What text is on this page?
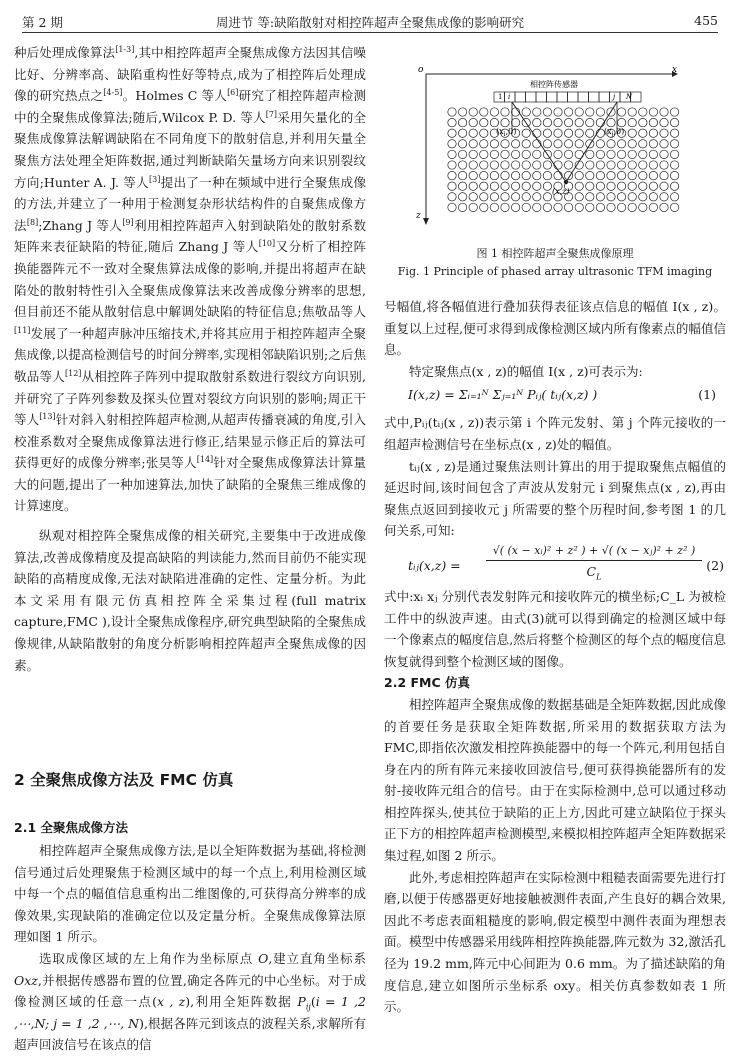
第 2 期	周进节 等:缺陷散射对相控阵超声全聚焦成像的影响研究	455

种后处理成像算法[1-3],其中相控阵超声全聚焦成像方法因其信噪比好、分辨率高、缺陷重构性好等特点,成为了相控阵后处理成像的研究热点之[4-5]。Holmes C 等人[6]研究了相控阵超声检测中的全聚焦成像算法;随后,Wilcox P. D. 等人[7]采用矢量化的全聚焦成像算法解调缺陷在不同角度下的散射信息,并利用矢量全聚焦方法处理全矩阵数据,通过判断缺陷矢量场方向来识别裂纹方向;Hunter A. J. 等人[3]提出了一种在频域中进行全聚焦成像的方法,并建立了一种用于检测复杂形状结构件的自聚焦成像方法[8];Zhang J 等人[9]利用相控阵超声入射到缺陷处的散射系数矩阵来表征缺陷的特征,随后 Zhang J 等人[10]又分析了相控阵换能器阵元不一致对全聚焦算法成像的影响,并提出将超声在缺陷处的散射特性引入全聚焦成像算法来改善成像分辨率的思想,但目前还不能从散射信息中解调处缺陷的特征信息;焦敬品等人[11]发展了一种超声脉冲压缩技术,并将其应用于相控阵超声全聚焦成像,以提高检测信号的时间分辨率,实现相邻缺陷识别;之后焦敬品等人[12]从相控阵子阵列中提取散射系数进行裂纹方向识别,并研究了子阵列参数及探头位置对裂纹方向识别的影响;周正干等人[13]针对斜入射相控阵超声检测,从超声传播衰减的角度,引入校准系数对全聚焦成像算法进行修正,结果显示修正后的算法可获得更好的成像分辨率;张昊等人[14]针对全聚焦成像算法计算量大的问题,提出了一种加速算法,加快了缺陷的全聚焦三维成像的计算速度。

纵观对相控阵全聚焦成像的相关研究,主要集中于改进成像算法,改善成像精度及提高缺陷的判读能力,然而目前仍不能实现缺陷的高精度成像,无法对缺陷进准确的定性、定量分析。为此本文采用有限元仿真相控阵全采集过程(full matrix capture,FMC ),设计全聚焦成像程序,研究典型缺陷的全聚焦成像规律,从缺陷散射的角度分析影响相控阵超声全聚焦成像的因素。

2 全聚焦成像方法及 FMC 仿真
2.1 全聚焦成像方法

相控阵超声全聚焦成像方法,是以全矩阵数据为基础,将检测信号通过后处理聚焦于检测区域中的每一个点上,利用检测区域中每一个点的幅值信息重构出二维图像的,可获得高分辨率的成像效果,实现缺陷的准确定位以及定量分析。全聚焦成像算法原理如图 1 所示。

选取成像区域的左上角作为坐标原点 O,建立直角坐标系 Oxz,并根据传感器布置的位置,确定各阵元的中心坐标。对于成像检测区域的任意一点(x , z),利用全矩阵数据 $P_{ij}(i = 1$ ,2 ,⋯,N; j = 1 ,2 ,⋯, N),根据各阵元到该点的波程关系,求解所有超声回波信号在该点的信

o	x
z
相控阵传感器
1 i	j N
$(x_i,0)$	$(x_j,0)$
(x,z)
图 1 相控阵超声全聚焦成像原理
Fig. 1 Principle of phased array ultrasonic TFM imaging

号幅值,将各幅值进行叠加获得表征该点信息的幅值 I(x , z)。重复以上过程,便可求得到成像检测区域内所有像素点的幅值信息。

特定聚焦点(x , z)的幅值 I(x , z)可表示为:

I(x,z) = Σᵢ₌₁ᴺ Σⱼ₌₁ᴺ Pᵢⱼ( tᵢⱼ(x,z) )	(1)

式中,Pᵢⱼ(tᵢⱼ(x , z))表示第 i 个阵元发射、第 j 个阵元接收的一组超声检测信号在坐标点(x , z)处的幅值。

tᵢⱼ(x , z)是通过聚焦法则计算出的用于提取聚焦点幅值的延迟时间,该时间包含了声波从发射元 i 到聚焦点(x , z),再由聚焦点返回到接收元 j 所需要的整个历程时间,参考图 1 的几何关系,可知:

tᵢⱼ(x,z) =
√( (x − xᵢ)² + z² ) + √( (x − xⱼ)² + z² )
$C_L$
(2)

式中:xᵢ xⱼ 分别代表发射阵元和接收阵元的横坐标;C_L 为被检工件中的纵波声速。由式(3)就可以得到确定的检测区域中每一个像素点的幅度信息,然后将整个检测区的每个点的幅度信息恢复就得到整个检测区域的图像。

2.2 FMC 仿真

相控阵超声全聚焦成像的数据基础是全矩阵数据,因此成像的首要任务是获取全矩阵数据,所采用的数据获取方法为 FMC,即指依次激发相控阵换能器中的每一个阵元,利用包括自身在内的所有阵元来接收回波信号,便可获得换能器所有的发射-接收阵元组合的信号。由于在实际检测中,总可以通过移动相控阵探头,使其位于缺陷的正上方,因此可建立缺陷位于探头正下方的相控阵超声检测模型,来模拟相控阵超声全矩阵数据采集过程,如图 2 所示。

此外,考虑相控阵超声在实际检测中粗糙表面需要先进行打磨,以便于传感器更好地接触被测件表面,产生良好的耦合效果,因此不考虑表面粗糙度的影响,假定模型中测件表面为理想表面。模型中传感器采用线阵相控阵换能器,阵元数为 32,激活孔径为 19.2 mm,阵元中心间距为 0.6 mm。为了描述缺陷的角度信息,建立如图所示坐标系 oxy。相关仿真参数如表 1 所示。
